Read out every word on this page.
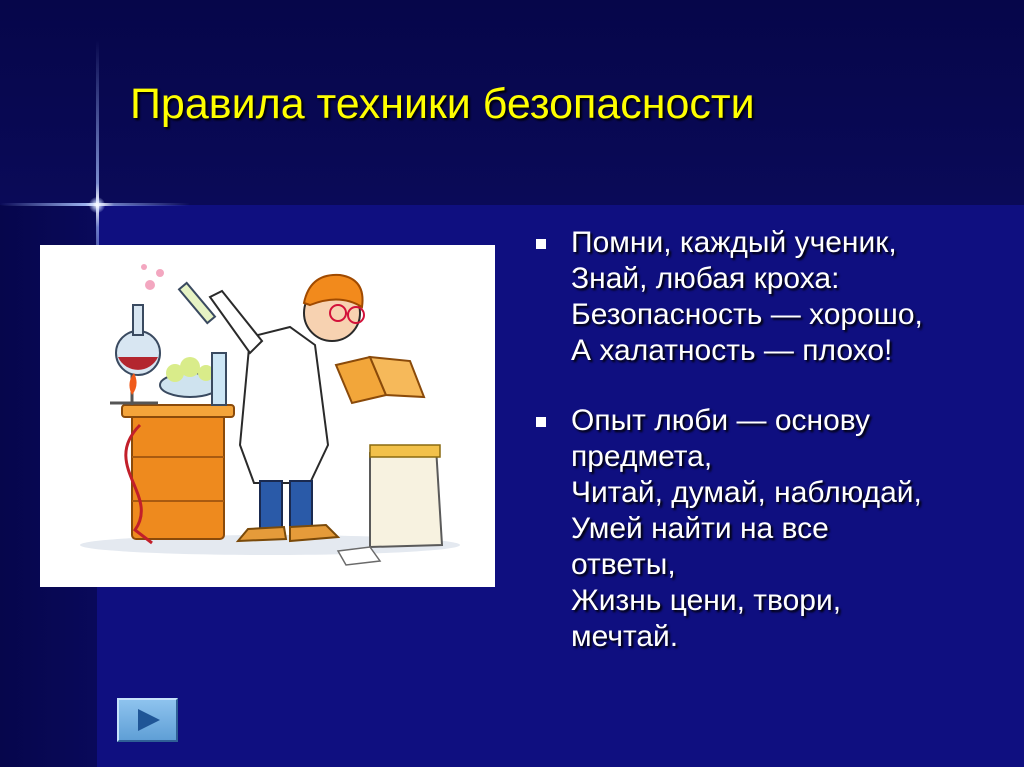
Правила техники безопасности
Помни, каждый ученик,
Знай, любая кроха:
Безопасность — хорошо,
А халатность — плохо!
Опыт люби — основу
предмета,
Читай, думай, наблюдай,
Умей найти на все
ответы,
Жизнь цени, твори,
мечтай.
